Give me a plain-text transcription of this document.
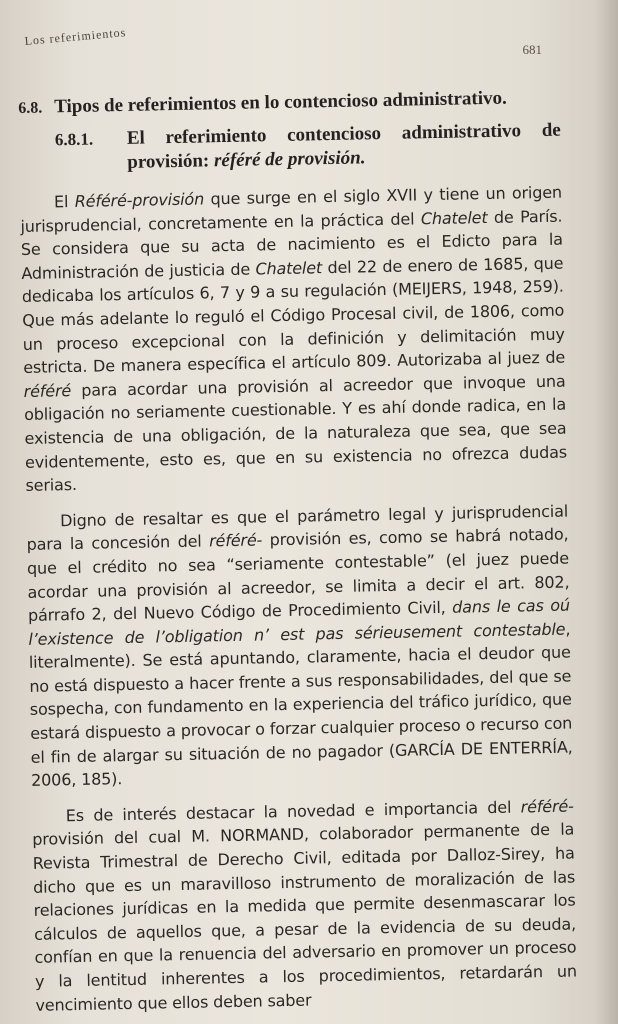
Los referimientos
681
6.8. Tipos de referimientos en lo contencioso administrativo.
6.8.1.	El referimiento contencioso administrativo de provisión: référé de provisión.

El Référé-provisión que surge en el siglo XVII y tiene un origen jurisprudencial, concretamente en la práctica del Chatelet de París. Se considera que su acta de nacimiento es el Edicto para la Administración de justicia de Chatelet del 22 de enero de 1685, que dedicaba los artículos 6, 7 y 9 a su regulación (MEIJERS, 1948, 259). Que más adelante lo reguló el Código Procesal civil, de 1806, como un proceso excepcional con la definición y delimitación muy estricta. De manera específica el artículo 809. Autorizaba al juez de référé para acordar una provisión al acreedor que invoque una obligación no seriamente cuestionable. Y es ahí donde radica, en la existencia de una obligación, de la naturaleza que sea, que sea evidentemente, esto es, que en su existencia no ofrezca dudas serias.

Digno de resaltar es que el parámetro legal y jurisprudencial para la concesión del référé- provisión es, como se habrá notado, que el crédito no sea “seriamente contestable” (el juez puede acordar una provisión al acreedor, se limita a decir el art. 802, párrafo 2, del Nuevo Código de Procedimiento Civil, dans le cas oú l’existence de l’obligation n’ est pas sérieusement contestable, literalmente). Se está apuntando, claramente, hacia el deudor que no está dispuesto a hacer frente a sus responsabilidades, del que se sospecha, con fundamento en la experiencia del tráfico jurídico, que estará dispuesto a provocar o forzar cualquier proceso o recurso con el fin de alargar su situación de no pagador (GARCÍA DE ENTERRÍA, 2006, 185).

Es de interés destacar la novedad e importancia del référé-provisión del cual M. NORMAND, colaborador permanente de la Revista Trimestral de Derecho Civil, editada por Dalloz-Sirey, ha dicho que es un maravilloso instrumento de moralización de las relaciones jurídicas en la medida que permite desenmascarar los cálculos de aquellos que, a pesar de la evidencia de su deuda, confían en que la renuencia del adversario en promover un proceso y la lentitud inherentes a los procedimientos, retardarán un vencimiento que ellos deben saber
